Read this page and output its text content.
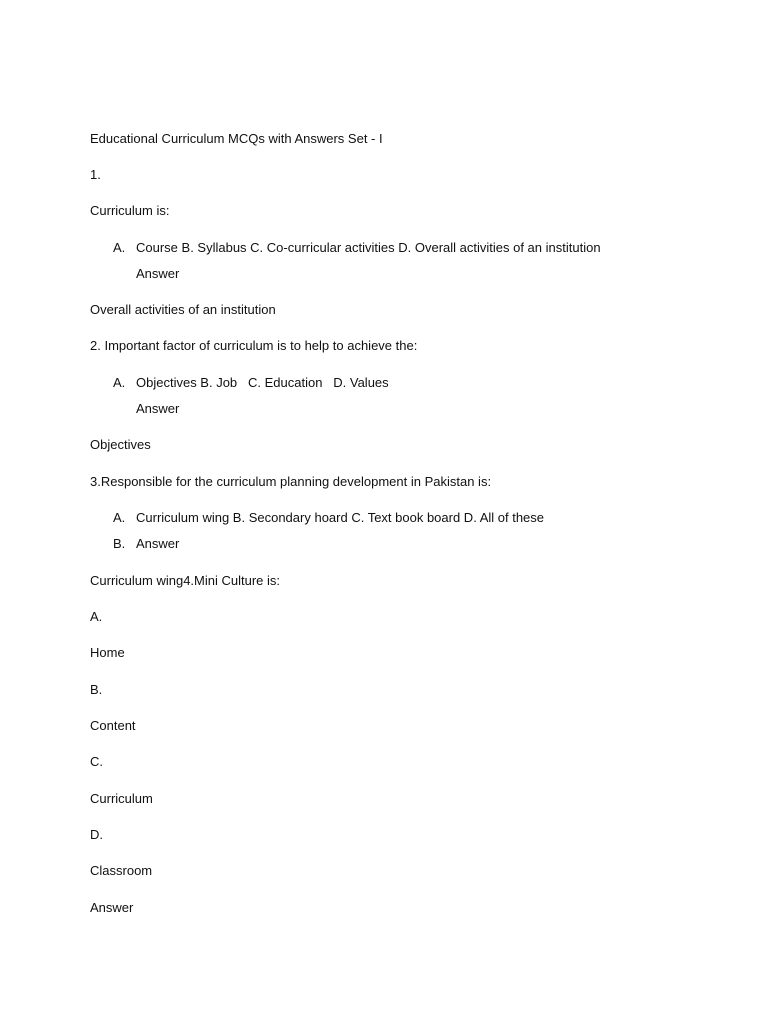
Educational Curriculum MCQs with Answers Set - I
1.
Curriculum is:
A. Course B. Syllabus C. Co-curricular activities D. Overall activities of an institution
Answer
Overall activities of an institution
2. Important factor of curriculum is to help to achieve the:
A. Objectives B. Job   C. Education   D. Values
Answer
Objectives
3.Responsible for the curriculum planning development in Pakistan is:
A. Curriculum wing B. Secondary hoard C. Text book board D. All of these
B. Answer
Curriculum wing4.Mini Culture is:
A.
Home
B.
Content
C.
Curriculum
D.
Classroom
Answer
